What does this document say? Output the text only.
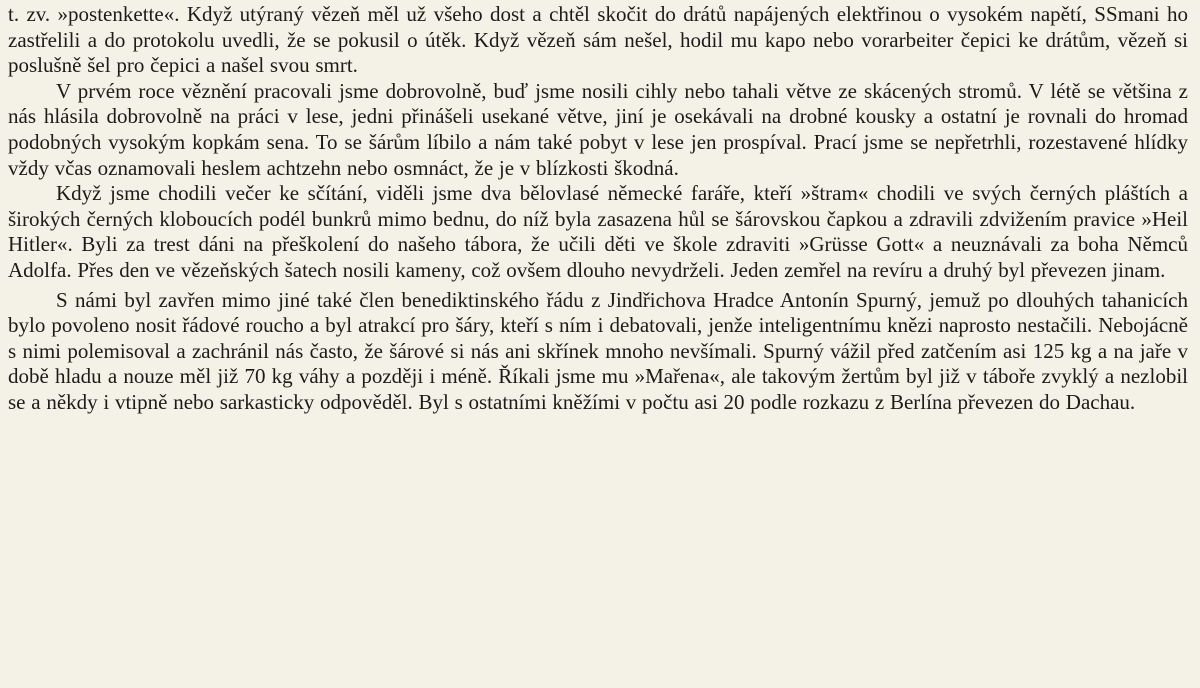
t. zv. »postenkette«. Když utýraný vězeň měl už všeho dost a chtěl skočit do drátů napájených elektřinou o vysokém napětí, SSmani ho zastřelili a do protokolu uvedli, že se pokusil o útěk. Když vězeň sám nešel, hodil mu kapo nebo vorarbeiter čepici ke drátům, vězeň si poslušně šel pro čepici a našel svou smrt.

V prvém roce věznění pracovali jsme dobrovolně, buď jsme nosili cihly nebo tahali větve ze skácených stromů. V létě se většina z nás hlásila dobrovolně na práci v lese, jedni přinášeli usekané větve, jiní je osekávali na drobné kousky a ostatní je rovnali do hromad podobných vysokým kopkám sena. To se šárům líbilo a nám také pobyt v lese jen prospíval. Prací jsme se nepřetrhli, rozestavené hlídky vždy včas oznamovali heslem achtzehn nebo osmnáct, že je v blízkosti škodná.

Když jsme chodili večer ke sčítání, viděli jsme dva bělovlasé německé faráře, kteří »štram« chodili ve svých černých pláštích a širokých černých kloboucích podél bunkrů mimo bednu, do níž byla zasazena hůl se šárovskou čapkou a zdravili zdvižením pravice »Heil Hitler«. Byli za trest dáni na přeškolení do našeho tábora, že učili děti ve škole zdraviti »Grüsse Gott« a neuznávali za boha Němců Adolfa. Přes den ve vězeňských šatech nosili kameny, což ovšem dlouho nevydrželi. Jeden zemřel na revíru a druhý byl převezen jinam.

S námi byl zavřen mimo jiné také člen benediktinského řádu z Jindřichova Hradce Antonín Spurný, jemuž po dlouhých tahanicích bylo povoleno nosit řádové roucho a byl atrakcí pro šáry, kteří s ním i debatovali, jenže inteligentnímu knězi naprosto nestačili. Nebojácně s nimi polemisoval a zachránil nás často, že šárové si nás ani skřínek mnoho nevšímali. Spurný vážil před zatčením asi 125 kg a na jaře v době hladu a nouze měl již 70 kg váhy a později i méně. Říkali jsme mu »Mařena«, ale takovým žertům byl již v táboře zvyklý a nezlobil se a někdy i vtipně nebo sarkasticky odpověděl. Byl s ostatními kněžími v počtu asi 20 podle rozkazu z Berlína převezen do Dachau.
